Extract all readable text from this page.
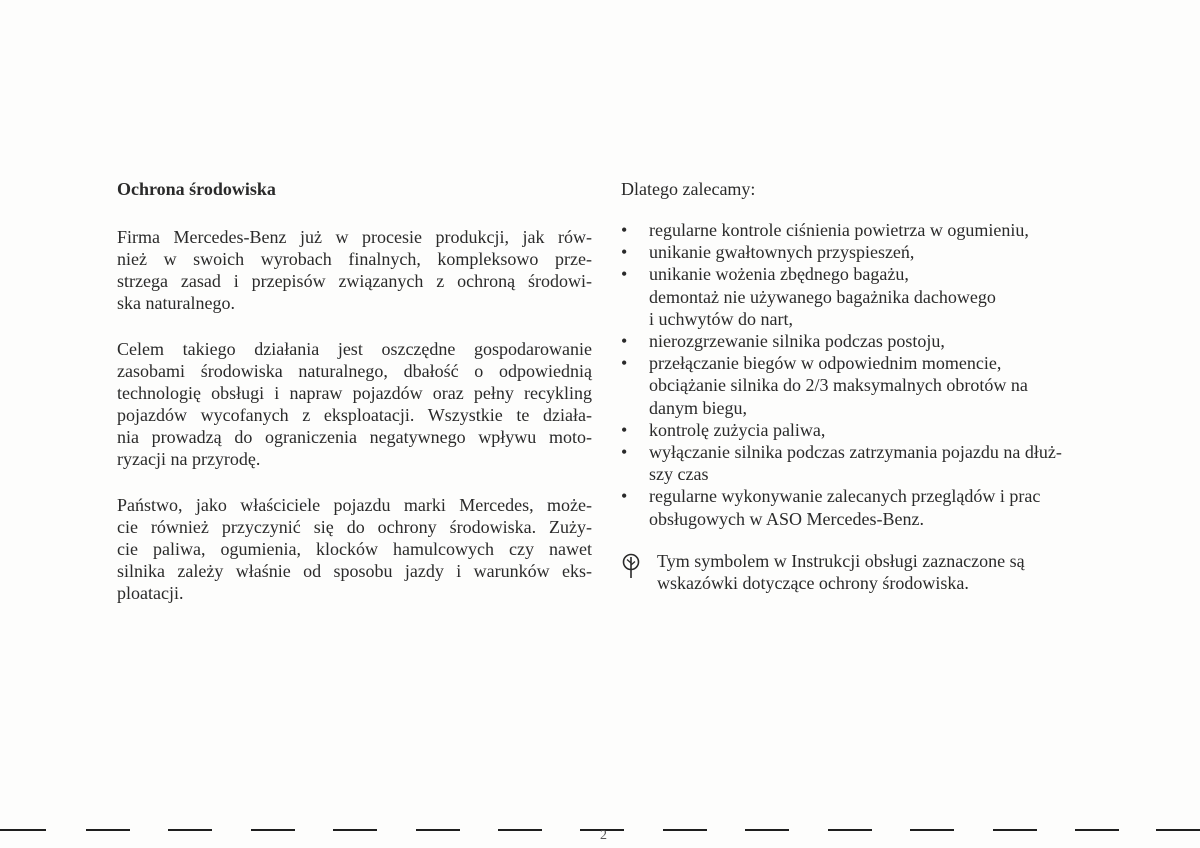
Ochrona środowiska
Firma Mercedes-Benz już w procesie produkcji, jak rów-
nież w swoich wyrobach finalnych, kompleksowo prze-
strzega zasad i przepisów związanych z ochroną środowi-
ska naturalnego.
Celem takiego działania jest oszczędne gospodarowanie
zasobami środowiska naturalnego, dbałość o odpowiednią
technologię obsługi i napraw pojazdów oraz pełny recykling
pojazdów wycofanych z eksploatacji. Wszystkie te działa-
nia prowadzą do ograniczenia negatywnego wpływu moto-
ryzacji na przyrodę.
Państwo, jako właściciele pojazdu marki Mercedes, może-
cie również przyczynić się do ochrony środowiska. Zuży-
cie paliwa, ogumienia, klocków hamulcowych czy nawet
silnika zależy właśnie od sposobu jazdy i warunków eks-
ploatacji.
Dlatego zalecamy:
• regularne kontrole ciśnienia powietrza w ogumieniu,
• unikanie gwałtownych przyspieszeń,
• unikanie wożenia zbędnego bagażu,
demontaż nie używanego bagażnika dachowego
i uchwytów do nart,
• nierozgrzewanie silnika podczas postoju,
• przełączanie biegów w odpowiednim momencie,
obciążanie silnika do 2/3 maksymalnych obrotów na
danym biegu,
• kontrolę zużycia paliwa,
• wyłączanie silnika podczas zatrzymania pojazdu na dłuż-
szy czas
• regularne wykonywanie zalecanych przeglądów i prac
obsługowych w ASO Mercedes-Benz.
Tym symbolem w Instrukcji obsługi zaznaczone są
wskazówki dotyczące ochrony środowiska.
2
